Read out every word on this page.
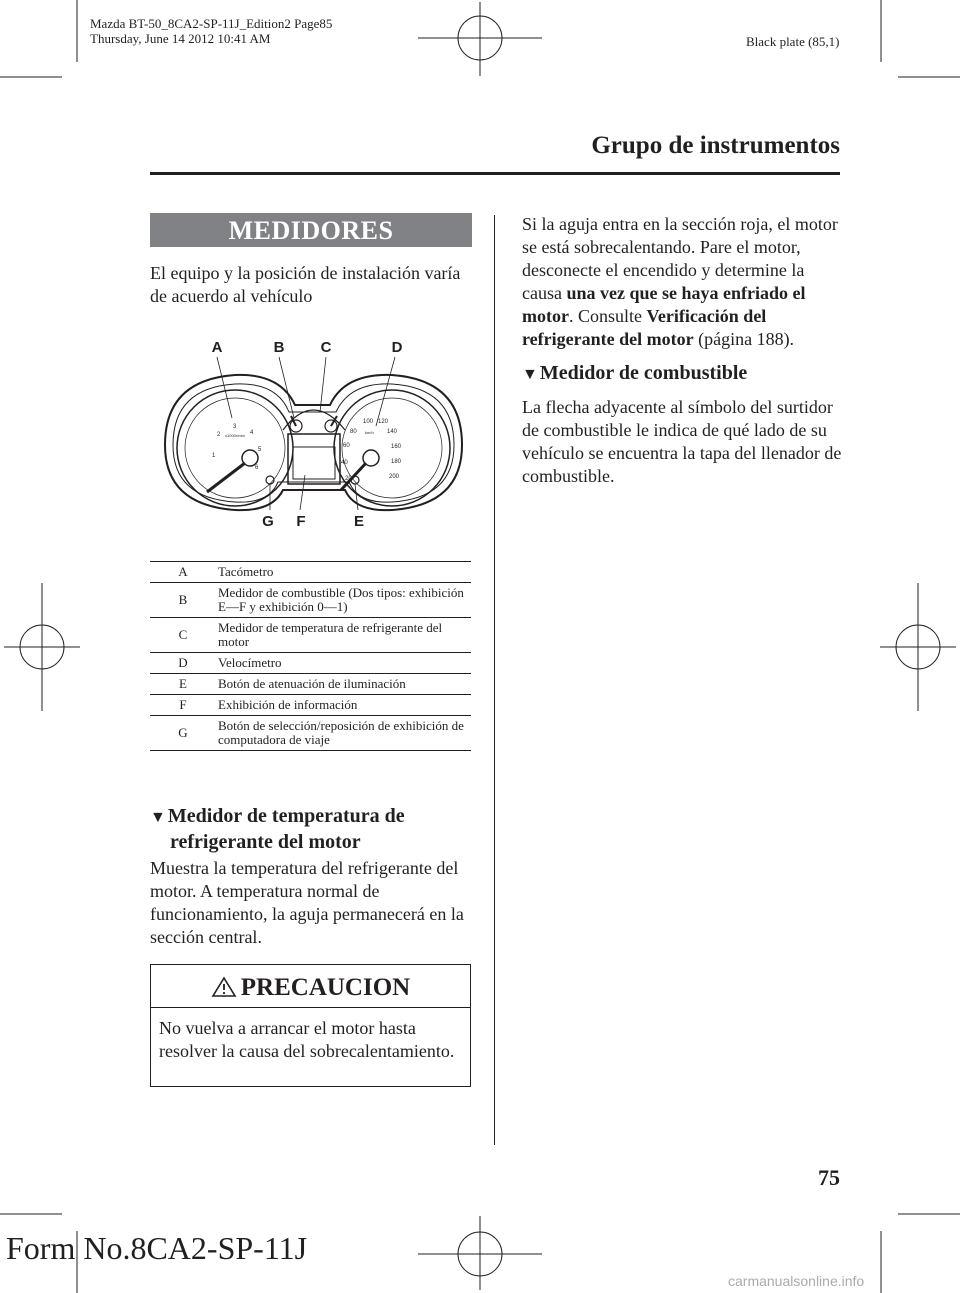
Mazda BT-50_8CA2-SP-11J_Edition2 Page85
Thursday, June 14 2012 10:41 AM	Black plate (85,1)
Grupo de instrumentos
MEDIDORES
El equipo y la posición de instalación varía de acuerdo al vehículo
A	B C	D
G F	E
1
2
3
4
5
6
x1000r/min
20
40
60
80
100 120
140
160
180
200
km/h
A	Tacómetro
B	Medidor de combustible (Dos tipos: exhibición E―F y exhibición 0―1)
C	Medidor de temperatura de refrigerante del motor
D	Velocímetro
E	Botón de atenuación de iluminación
F	Exhibición de información
G	Botón de selección/reposición de exhibición de computadora de viaje
▼ Medidor de temperatura de
refrigerante del motor
Muestra la temperatura del refrigerante del motor. A temperatura normal de funcionamiento, la aguja permanecerá en la sección central.
PRECAUCION
No vuelva a arrancar el motor hasta resolver la causa del sobrecalentamiento.
Si la aguja entra en la sección roja, el motor se está sobrecalentando. Pare el motor, desconecte el encendido y determine la causa una vez que se haya enfriado el motor. Consulte Verificación del refrigerante del motor (página 188).
▼ Medidor de combustible
La flecha adyacente al símbolo del surtidor de combustible le indica de qué lado de su vehículo se encuentra la tapa del llenador de combustible.
75
Form No.8CA2-SP-11J
carmanualsonline.info
